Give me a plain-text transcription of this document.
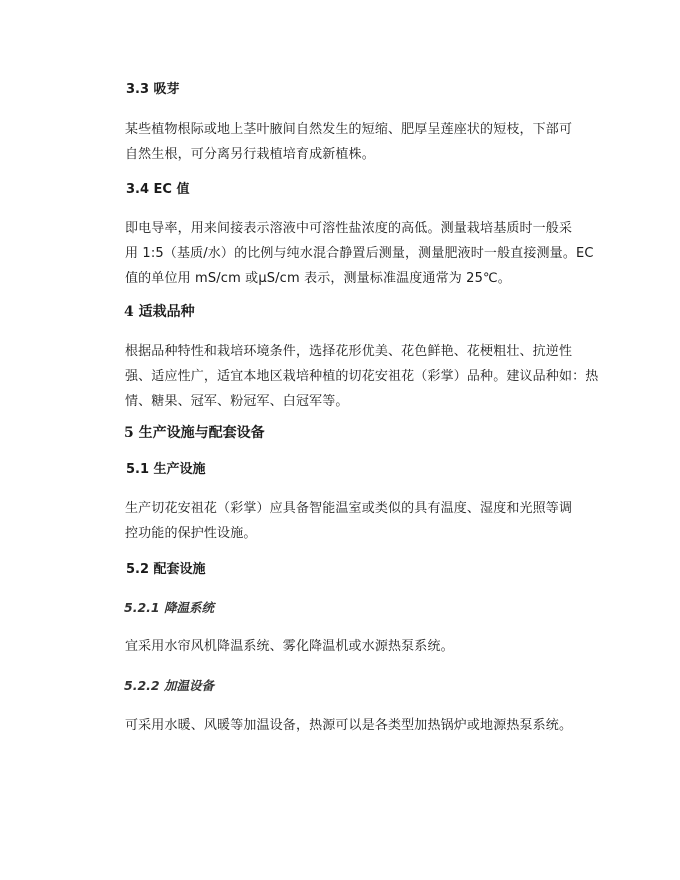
3.3 吸芽

某些植物根际或地上茎叶腋间自然发生的短缩、肥厚呈莲座状的短枝，下部可
自然生根，可分离另行栽植培育成新植株。

3.4 EC 值

即电导率，用来间接表示溶液中可溶性盐浓度的高低。测量栽培基质时一般采
用 1:5（基质/水）的比例与纯水混合静置后测量，测量肥液时一般直接测量。EC
值的单位用 mS/cm 或μS/cm 表示，测量标准温度通常为 25℃。

4 适栽品种

根据品种特性和栽培环境条件，选择花形优美、花色鲜艳、花梗粗壮、抗逆性
强、适应性广，适宜本地区栽培种植的切花安祖花（彩掌）品种。建议品种如：热
情、糖果、冠军、粉冠军、白冠军等。

5 生产设施与配套设备
5.1 生产设施

生产切花安祖花（彩掌）应具备智能温室或类似的具有温度、湿度和光照等调
控功能的保护性设施。

5.2 配套设施
5.2.1 降温系统

宜采用水帘风机降温系统、雾化降温机或水源热泵系统。

5.2.2 加温设备

可采用水暖、风暖等加温设备，热源可以是各类型加热锅炉或地源热泵系统。
